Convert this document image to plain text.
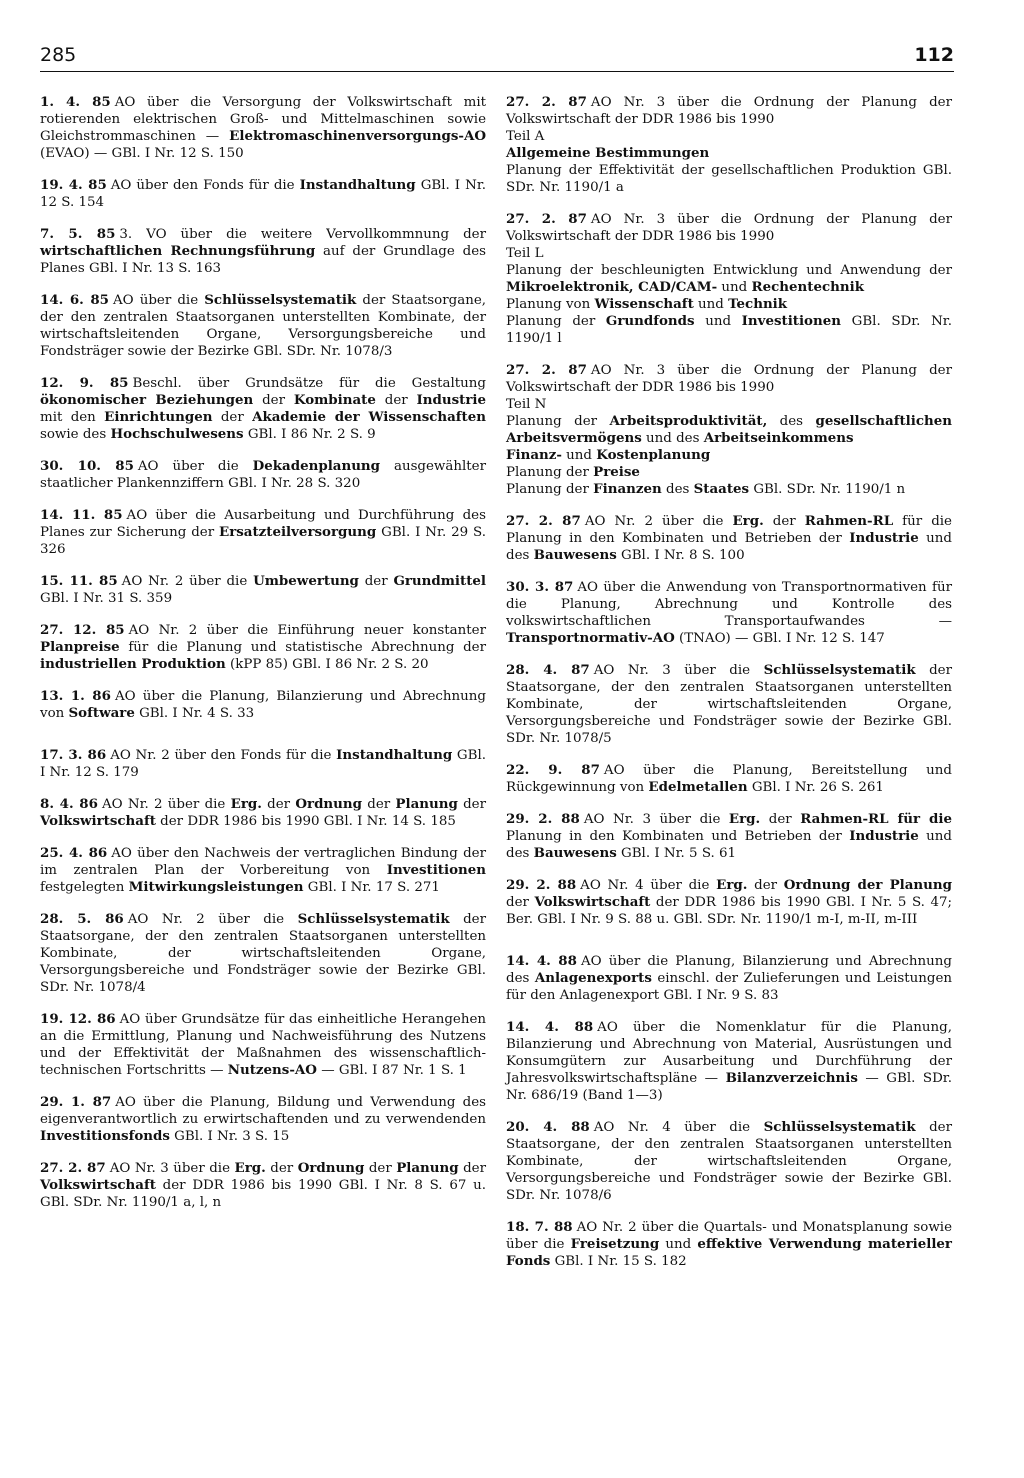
285	112

1. 4. 85 AO über die Versorgung der Volkswirtschaft mit rotierenden elektrischen Groß- und Mittelmaschinen sowie Gleichstrommaschinen — Elektromaschinenversorgungs-AO (EVAO) — GBl. I Nr. 12 S. 150

19. 4. 85 AO über den Fonds für die Instandhaltung GBl. I Nr. 12 S. 154

7. 5. 85 3. VO über die weitere Vervollkommnung der wirtschaftlichen Rechnungsführung auf der Grundlage des Planes GBl. I Nr. 13 S. 163

14. 6. 85 AO über die Schlüsselsystematik der Staatsorgane, der den zentralen Staatsorganen unterstellten Kombinate, der wirtschaftsleitenden Organe, Versorgungsbereiche und Fondsträger sowie der Bezirke GBl. SDr. Nr. 1078/3

12. 9. 85 Beschl. über Grundsätze für die Gestaltung ökonomischer Beziehungen der Kombinate der Industrie mit den Einrichtungen der Akademie der Wissenschaften sowie des Hochschulwesens GBl. I 86 Nr. 2 S. 9

30. 10. 85 AO über die Dekadenplanung ausgewählter staatlicher Plankennziffern GBl. I Nr. 28 S. 320

14. 11. 85 AO über die Ausarbeitung und Durchführung des Planes zur Sicherung der Ersatzteilversorgung GBl. I Nr. 29 S. 326

15. 11. 85 AO Nr. 2 über die Umbewertung der Grundmittel GBl. I Nr. 31 S. 359

27. 12. 85 AO Nr. 2 über die Einführung neuer konstanter Planpreise für die Planung und statistische Abrechnung der industriellen Produktion (kPP 85) GBl. I 86 Nr. 2 S. 20

13. 1. 86 AO über die Planung, Bilanzierung und Abrechnung von Software GBl. I Nr. 4 S. 33

17. 3. 86 AO Nr. 2 über den Fonds für die Instandhaltung GBl. I Nr. 12 S. 179

8. 4. 86 AO Nr. 2 über die Erg. der Ordnung der Planung der Volkswirtschaft der DDR 1986 bis 1990 GBl. I Nr. 14 S. 185

25. 4. 86 AO über den Nachweis der vertraglichen Bindung der im zentralen Plan der Vorbereitung von Investitionen festgelegten Mitwirkungsleistungen GBl. I Nr. 17 S. 271

28. 5. 86 AO Nr. 2 über die Schlüsselsystematik der Staatsorgane, der den zentralen Staatsorganen unterstellten Kombinate, der wirtschaftsleitenden Organe, Versorgungsbereiche und Fondsträger sowie der Bezirke GBl. SDr. Nr. 1078/4

19. 12. 86 AO über Grundsätze für das einheitliche Herangehen an die Ermittlung, Planung und Nachweisführung des Nutzens und der Effektivität der Maßnahmen des wissenschaftlich-technischen Fortschritts — Nutzens-AO — GBl. I 87 Nr. 1 S. 1

29. 1. 87 AO über die Planung, Bildung und Verwendung des eigenverantwortlich zu erwirtschaftenden und zu verwendenden Investitionsfonds GBl. I Nr. 3 S. 15

27. 2. 87 AO Nr. 3 über die Erg. der Ordnung der Planung der Volkswirtschaft der DDR 1986 bis 1990 GBl. I Nr. 8 S. 67 u. GBl. SDr. Nr. 1190/1 a, l, n

27. 2. 87 AO Nr. 3 über die Ordnung der Planung der Volkswirtschaft der DDR 1986 bis 1990
Teil A
Allgemeine Bestimmungen
Planung der Effektivität der gesellschaftlichen Produktion GBl. SDr. Nr. 1190/1 a
27. 2. 87 AO Nr. 3 über die Ordnung der Planung der Volkswirtschaft der DDR 1986 bis 1990
Teil L
Planung der beschleunigten Entwicklung und Anwendung der Mikroelektronik, CAD/CAM- und Rechentechnik
Planung von Wissenschaft und Technik
Planung der Grundfonds und Investitionen GBl. SDr. Nr. 1190/1 l
27. 2. 87 AO Nr. 3 über die Ordnung der Planung der Volkswirtschaft der DDR 1986 bis 1990
Teil N
Planung der Arbeitsproduktivität, des gesellschaftlichen Arbeitsvermögens und des Arbeitseinkommens
Finanz- und Kostenplanung
Planung der Preise
Planung der Finanzen des Staates GBl. SDr. Nr. 1190/1 n

27. 2. 87 AO Nr. 2 über die Erg. der Rahmen-RL für die Planung in den Kombinaten und Betrieben der Industrie und des Bauwesens GBl. I Nr. 8 S. 100

30. 3. 87 AO über die Anwendung von Transportnormativen für die Planung, Abrechnung und Kontrolle des volkswirtschaftlichen Transportaufwandes — Transportnormativ-AO (TNAO) — GBl. I Nr. 12 S. 147

28. 4. 87 AO Nr. 3 über die Schlüsselsystematik der Staatsorgane, der den zentralen Staatsorganen unterstellten Kombinate, der wirtschaftsleitenden Organe, Versorgungsbereiche und Fondsträger sowie der Bezirke GBl. SDr. Nr. 1078/5

22. 9. 87 AO über die Planung, Bereitstellung und Rückgewinnung von Edelmetallen GBl. I Nr. 26 S. 261

29. 2. 88 AO Nr. 3 über die Erg. der Rahmen-RL für die Planung in den Kombinaten und Betrieben der Industrie und des Bauwesens GBl. I Nr. 5 S. 61

29. 2. 88 AO Nr. 4 über die Erg. der Ordnung der Planung der Volkswirtschaft der DDR 1986 bis 1990 GBl. I Nr. 5 S. 47; Ber. GBl. I Nr. 9 S. 88 u. GBl. SDr. Nr. 1190/1 m-I, m-II, m-III

14. 4. 88 AO über die Planung, Bilanzierung und Abrechnung des Anlagenexports einschl. der Zulieferungen und Leistungen für den Anlagenexport GBl. I Nr. 9 S. 83

14. 4. 88 AO über die Nomenklatur für die Planung, Bilanzierung und Abrechnung von Material, Ausrüstungen und Konsumgütern zur Ausarbeitung und Durchführung der Jahresvolkswirtschaftspläne — Bilanzverzeichnis — GBl. SDr. Nr. 686/19 (Band 1—3)

20. 4. 88 AO Nr. 4 über die Schlüsselsystematik der Staatsorgane, der den zentralen Staatsorganen unterstellten Kombinate, der wirtschaftsleitenden Organe, Versorgungsbereiche und Fondsträger sowie der Bezirke GBl. SDr. Nr. 1078/6

18. 7. 88 AO Nr. 2 über die Quartals- und Monatsplanung sowie über die Freisetzung und effektive Verwendung materieller Fonds GBl. I Nr. 15 S. 182
